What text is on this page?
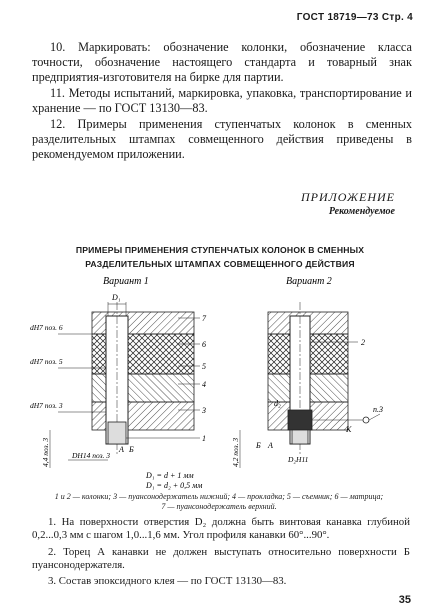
ГОСТ 18719—73 Стр. 4
10. Маркировать: обозначение колонки, обозначение класса точности, обозначение настоящего стандарта и товарный знак предприятия-изготовителя на бирке для партии.
11. Методы испытаний, маркировка, упаковка, транспортирование и хранение — по ГОСТ 13130—83.
12. Примеры применения ступенчатых колонок в сменных разделительных штампах совмещенного действия приведены в рекомендуемом приложении.
ПРИЛОЖЕНИЕ
Рекомендуемое
ПРИМЕРЫ ПРИМЕНЕНИЯ СТУПЕНЧАТЫХ КОЛОНОК В СМЕННЫХ
РАЗДЕЛИТЕЛЬНЫХ ШТАМПАХ СОВМЕЩЕННОГО ДЕЙСТВИЯ
Вариант 1	Вариант 2
D₁
dH7 поз. 6
dH7 поз. 5
dH7 поз. 3
DH14 поз. 3
4,4 поз. 3	А Б
7
6
5
4
3
1
D₁ = d + 1 мм
D₁ = d₂ + 0,5 мм
d₂
D₂H11
4,2 поз. 3 Б А
K
п.3
2
1 и 2 — колонки; 3 — пуансонодержатель нижний; 4 — прокладка; 5 — съемник; 6 — матрица;
7 — пуансонодержатель верхний.
1. На поверхности отверстия D₂ должна быть винтовая канавка глубиной 0,2...0,3 мм с шагом 1,0...1,6 мм. Угол профиля канавки 60°...90°.
2. Торец А канавки не должен выступать относительно поверхности Б пуансонодержателя.
3. Состав эпоксидного клея — по ГОСТ 13130—83.
35
